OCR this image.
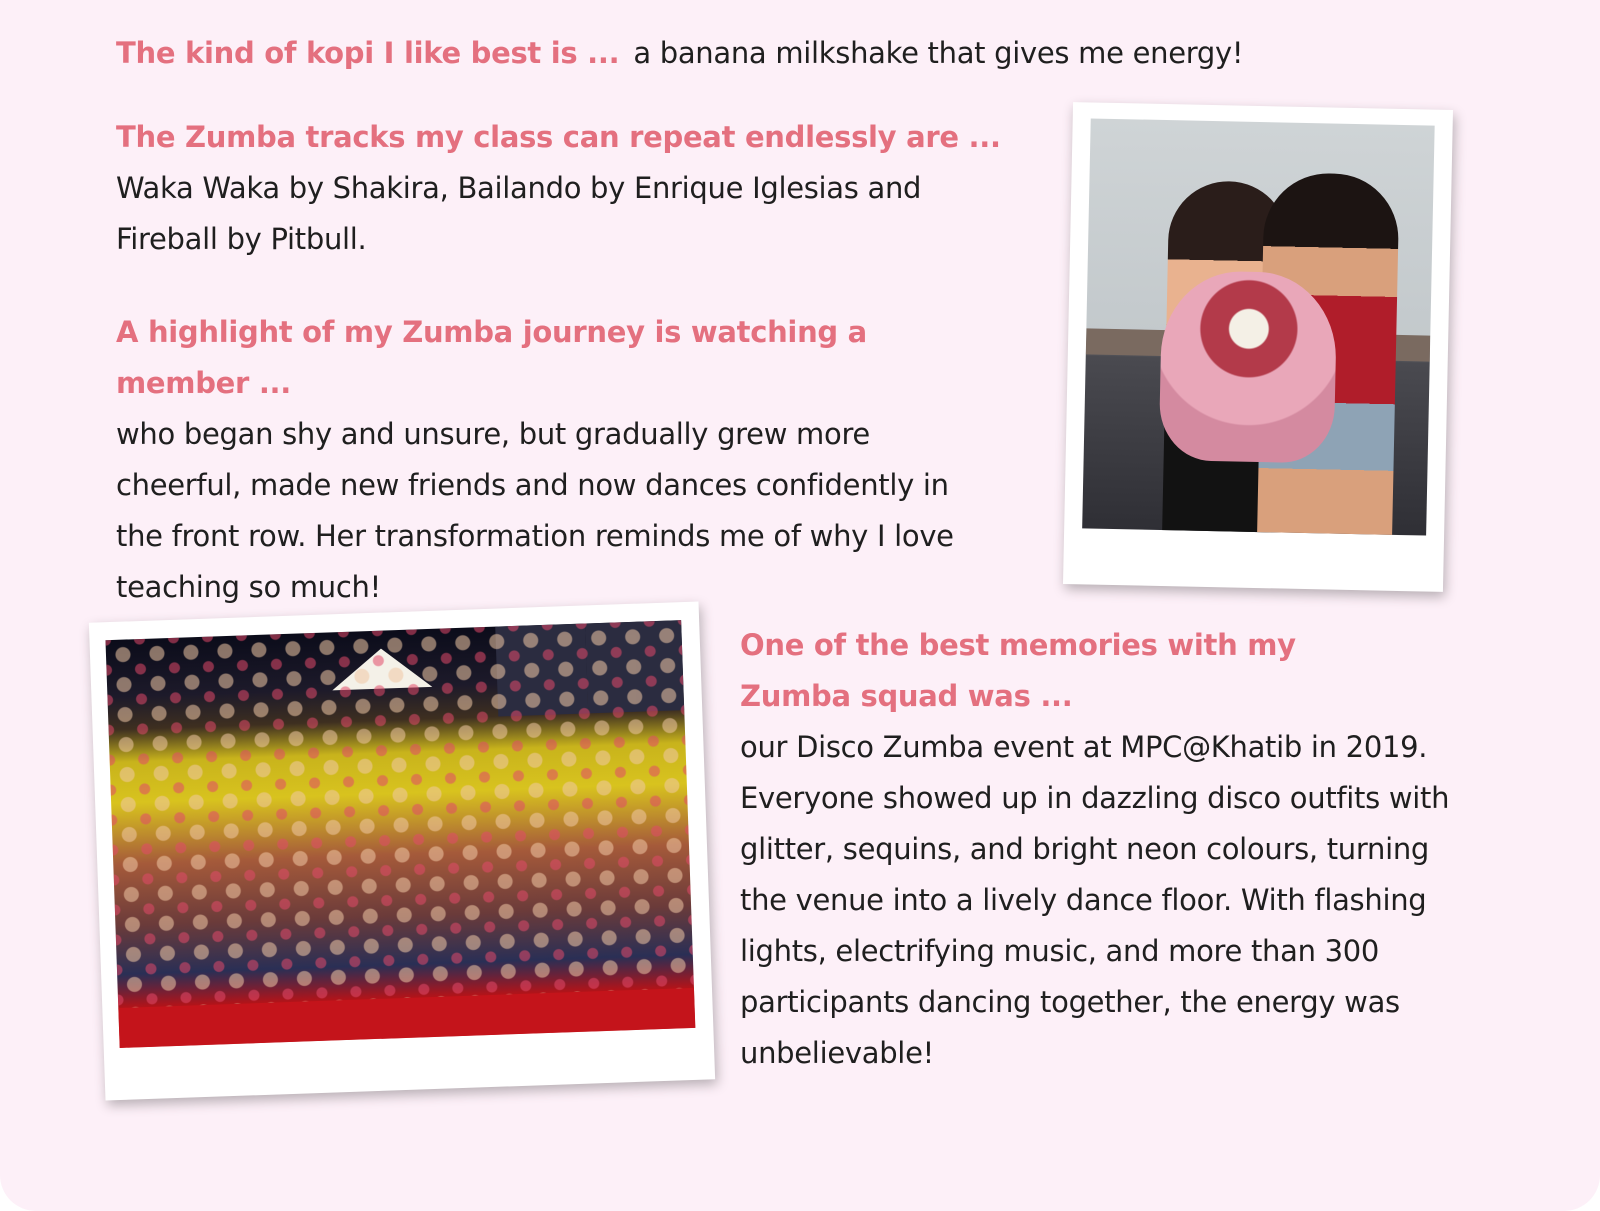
The kind of kopi I like best is ... a banana milkshake that gives me energy!
The Zumba tracks my class can repeat endlessly are ...
Waka Waka by Shakira, Bailando by Enrique Iglesias and Fireball by Pitbull.
A highlight of my Zumba journey is watching a member ...
who began shy and unsure, but gradually grew more cheerful, made new friends and now dances confidently in the front row. Her transformation reminds me of why I love teaching so much!
One of the best memories with my Zumba squad was ...
our Disco Zumba event at MPC@Khatib in 2019. Everyone showed up in dazzling disco outfits with glitter, sequins, and bright neon colours, turning the venue into a lively dance floor. With flashing lights, electrifying music, and more than 300 participants dancing together, the energy was unbelievable!
